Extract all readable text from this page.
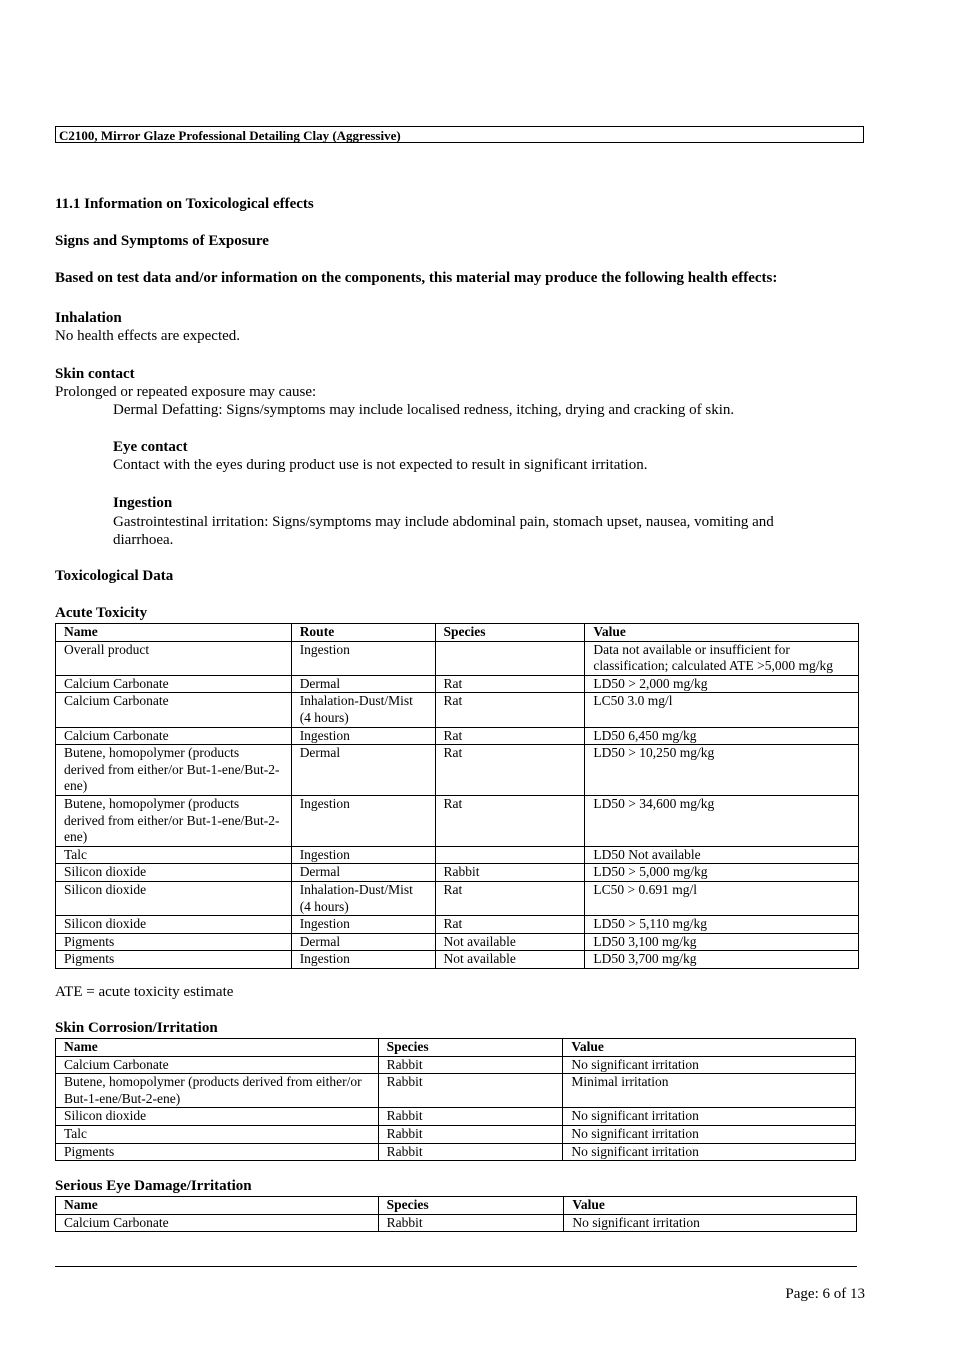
C2100, Mirror Glaze Professional Detailing Clay (Aggressive)

11.1 Information on Toxicological effects

Signs and Symptoms of Exposure

Based on test data and/or information on the components, this material may produce the following health effects:

Inhalation

No health effects are expected.

Skin contact

Prolonged or repeated exposure may cause:

Dermal Defatting: Signs/symptoms may include localised redness, itching, drying and cracking of skin.

Eye contact

Contact with the eyes during product use is not expected to result in significant irritation.

Ingestion

Gastrointestinal irritation: Signs/symptoms may include abdominal pain, stomach upset, nausea, vomiting and diarrhoea.

Toxicological Data

Acute Toxicity

Name	Route	Species	Value
Overall product	Ingestion		Data not available or insufficient for classification; calculated ATE >5,000 mg/kg
Calcium Carbonate	Dermal	Rat	LD50 > 2,000 mg/kg
Calcium Carbonate	Inhalation-Dust/Mist (4 hours)	Rat	LC50 3.0 mg/l
Calcium Carbonate	Ingestion	Rat	LD50 6,450 mg/kg
Butene, homopolymer (products derived from either/or But-1-ene/But-2-ene)	Dermal	Rat	LD50 > 10,250 mg/kg
Butene, homopolymer (products derived from either/or But-1-ene/But-2-ene)	Ingestion	Rat	LD50 > 34,600 mg/kg
Talc	Ingestion		LD50 Not available
Silicon dioxide	Dermal	Rabbit	LD50 > 5,000 mg/kg
Silicon dioxide	Inhalation-Dust/Mist (4 hours)	Rat	LC50 > 0.691 mg/l
Silicon dioxide	Ingestion	Rat	LD50 > 5,110 mg/kg
Pigments	Dermal	Not available	LD50 3,100 mg/kg
Pigments	Ingestion	Not available	LD50 3,700 mg/kg

ATE = acute toxicity estimate

Skin Corrosion/Irritation

Name	Species	Value
Calcium Carbonate	Rabbit	No significant irritation
Butene, homopolymer (products derived from either/or But-1-ene/But-2-ene)	Rabbit	Minimal irritation
Silicon dioxide	Rabbit	No significant irritation
Talc	Rabbit	No significant irritation
Pigments	Rabbit	No significant irritation

Serious Eye Damage/Irritation

Name	Species	Value
Calcium Carbonate	Rabbit	No significant irritation
Page: 6 of 13
